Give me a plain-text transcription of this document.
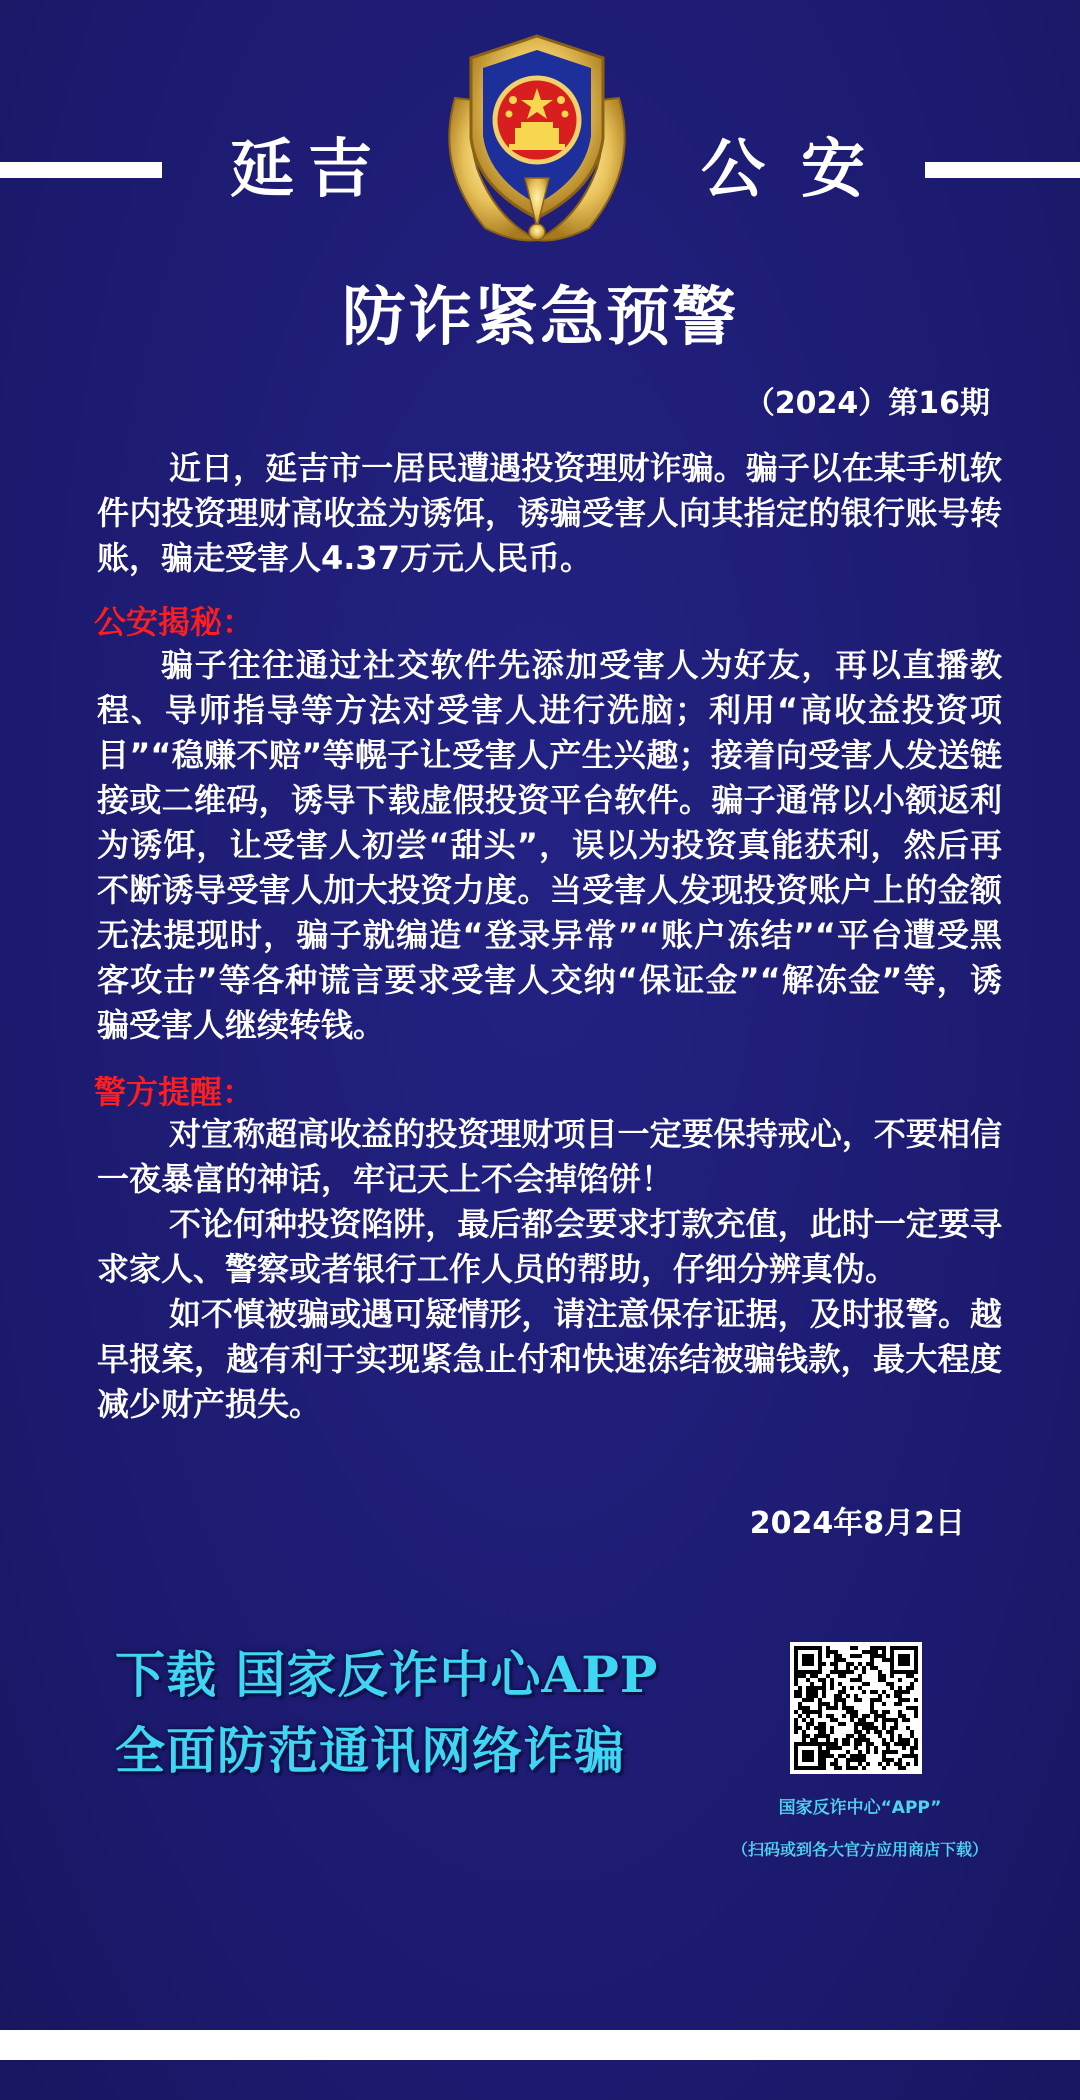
延 吉	公 安
防诈紧急预警
（2024）第16期

近日，延吉市一居民遭遇投资理财诈骗。骗子以在某手机软件内投资理财高收益为诱饵，诱骗受害人向其指定的银行账号转账，骗走受害人4.37万元人民币。

公安揭秘：

骗子往往通过社交软件先添加受害人为好友，再以直播教程、导师指导等方法对受害人进行洗脑；利用“高收益投资项目”“稳赚不赔”等幌子让受害人产生兴趣；接着向受害人发送链接或二维码，诱导下载虚假投资平台软件。骗子通常以小额返利为诱饵，让受害人初尝“甜头”，误以为投资真能获利，然后再不断诱导受害人加大投资力度。当受害人发现投资账户上的金额无法提现时，骗子就编造“登录异常”“账户冻结”“平台遭受黑客攻击”等各种谎言要求受害人交纳“保证金”“解冻金”等，诱骗受害人继续转钱。

警方提醒：

对宣称超高收益的投资理财项目一定要保持戒心，不要相信一夜暴富的神话，牢记天上不会掉馅饼！

不论何种投资陷阱，最后都会要求打款充值，此时一定要寻求家人、警察或者银行工作人员的帮助，仔细分辨真伪。

如不慎被骗或遇可疑情形，请注意保存证据，及时报警。越早报案，越有利于实现紧急止付和快速冻结被骗钱款，最大程度减少财产损失。

2024年8月2日
下载 国家反诈中心APP
全面防范通讯网络诈骗
国家反诈中心“APP”
（扫码或到各大官方应用商店下载）
